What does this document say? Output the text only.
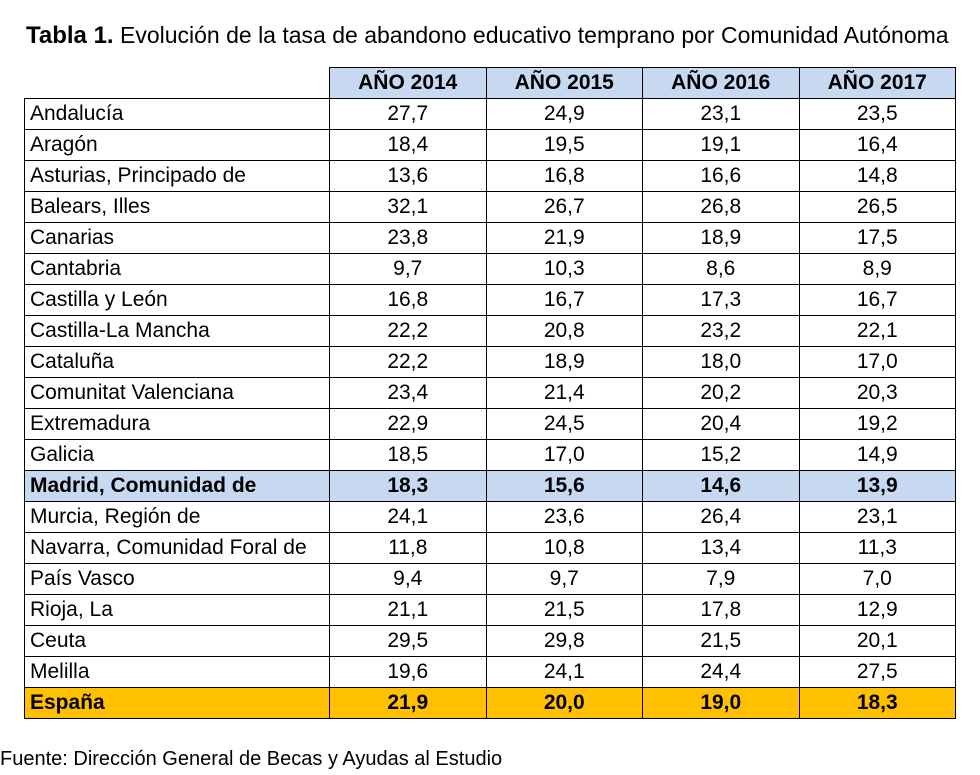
Tabla 1. Evolución de la tasa de abandono educativo temprano por Comunidad Autónoma
	AÑO 2014	AÑO 2015	AÑO 2016	AÑO 2017
Andalucía	27,7	24,9	23,1	23,5
Aragón	18,4	19,5	19,1	16,4
Asturias, Principado de	13,6	16,8	16,6	14,8
Balears, Illes	32,1	26,7	26,8	26,5
Canarias	23,8	21,9	18,9	17,5
Cantabria	9,7	10,3	8,6	8,9
Castilla y León	16,8	16,7	17,3	16,7
Castilla-La Mancha	22,2	20,8	23,2	22,1
Cataluña	22,2	18,9	18,0	17,0
Comunitat Valenciana	23,4	21,4	20,2	20,3
Extremadura	22,9	24,5	20,4	19,2
Galicia	18,5	17,0	15,2	14,9
Madrid, Comunidad de	18,3	15,6	14,6	13,9
Murcia, Región de	24,1	23,6	26,4	23,1
Navarra, Comunidad Foral de	11,8	10,8	13,4	11,3
País Vasco	9,4	9,7	7,9	7,0
Rioja, La	21,1	21,5	17,8	12,9
Ceuta	29,5	29,8	21,5	20,1
Melilla	19,6	24,1	24,4	27,5
España	21,9	20,0	19,0	18,3
Fuente: Dirección General de Becas y Ayudas al Estudio
